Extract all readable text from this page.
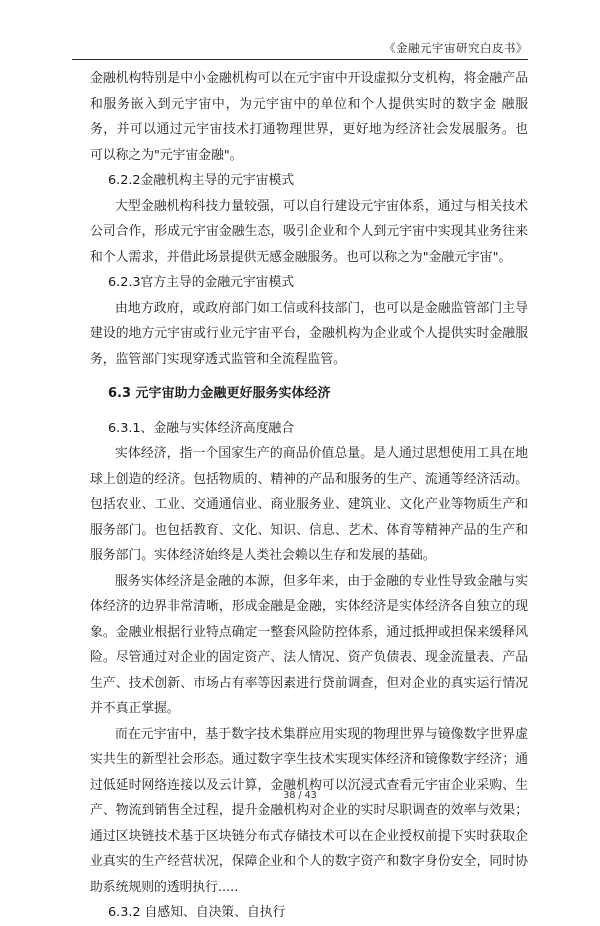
《金融元宇宙研究白皮书》

金融机构特别是中小金融机构可以在元宇宙中开设虚拟分支机构，将金融产品和服务嵌入到元宇宙中，为元宇宙中的单位和个人提供实时的数字金 融服务，并可以通过元宇宙技术打通物理世界，更好地为经济社会发展服务。也 可以称之为"元宇宙金融"。

6.2.2金融机构主导的元宇宙模式

大型金融机构科技力量较强，可以自行建设元宇宙体系，通过与相关技术公司合作，形成元宇宙金融生态，吸引企业和个人到元宇宙中实现其业务往来和个人需求，并借此场景提供无感金融服务。也可以称之为"金融元宇宙"。

6.2.3官方主导的金融元宇宙模式

由地方政府，或政府部门如工信或科技部门，也可以是金融监管部门主导建设的地方元宇宙或行业元宇宙平台，金融机构为企业或个人提供实时金融服务，监管部门实现穿透式监管和全流程监管。

6.3 元宇宙助力金融更好服务实体经济

6.3.1、金融与实体经济高度融合

实体经济，指一个国家生产的商品价值总量。是人通过思想使用工具在地球上创造的经济。包括物质的、精神的产品和服务的生产、流通等经济活动。包括农业、工业、交通通信业、商业服务业、建筑业、文化产业等物质生产和服务部门。也包括教育、文化、知识、信息、艺术、体育等精神产品的生产和服务部门。实体经济始终是人类社会赖以生存和发展的基础。

服务实体经济是金融的本源，但多年来，由于金融的专业性导致金融与实体经济的边界非常清晰，形成金融是金融，实体经济是实体经济各自独立的现象。金融业根据行业特点确定一整套风险防控体系，通过抵押或担保来缓释风险。尽管通过对企业的固定资产、法人情况、资产负债表、现金流量表、产品生产、技术创新、市场占有率等因素进行贷前调查，但对企业的真实运行情况并不真正掌握。

而在元宇宙中，基于数字技术集群应用实现的物理世界与镜像数字世界虚实共生的新型社会形态。通过数字孪生技术实现实体经济和镜像数字经济；通过低延时网络连接以及云计算，金融机构可以沉浸式查看元宇宙企业采购、生产、物流到销售全过程，提升金融机构对企业的实时尽职调查的效率与效果；通过区块链技术基于区块链分布式存储技术可以在企业授权前提下实时获取企业真实的生产经营状况，保障企业和个人的数字资产和数字身份安全，同时协助系统规则的透明执行.....

6.3.2 自感知、自决策、自执行

38 / 43
